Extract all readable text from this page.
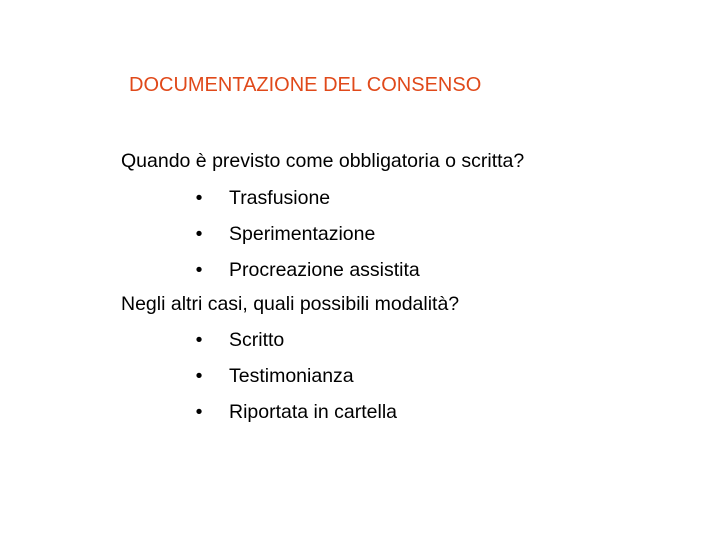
DOCUMENTAZIONE DEL CONSENSO
Quando è previsto come obbligatoria o scritta?
• Trasfusione
• Sperimentazione
• Procreazione assistita
Negli altri casi, quali possibili modalità?
• Scritto
• Testimonianza
• Riportata in cartella
